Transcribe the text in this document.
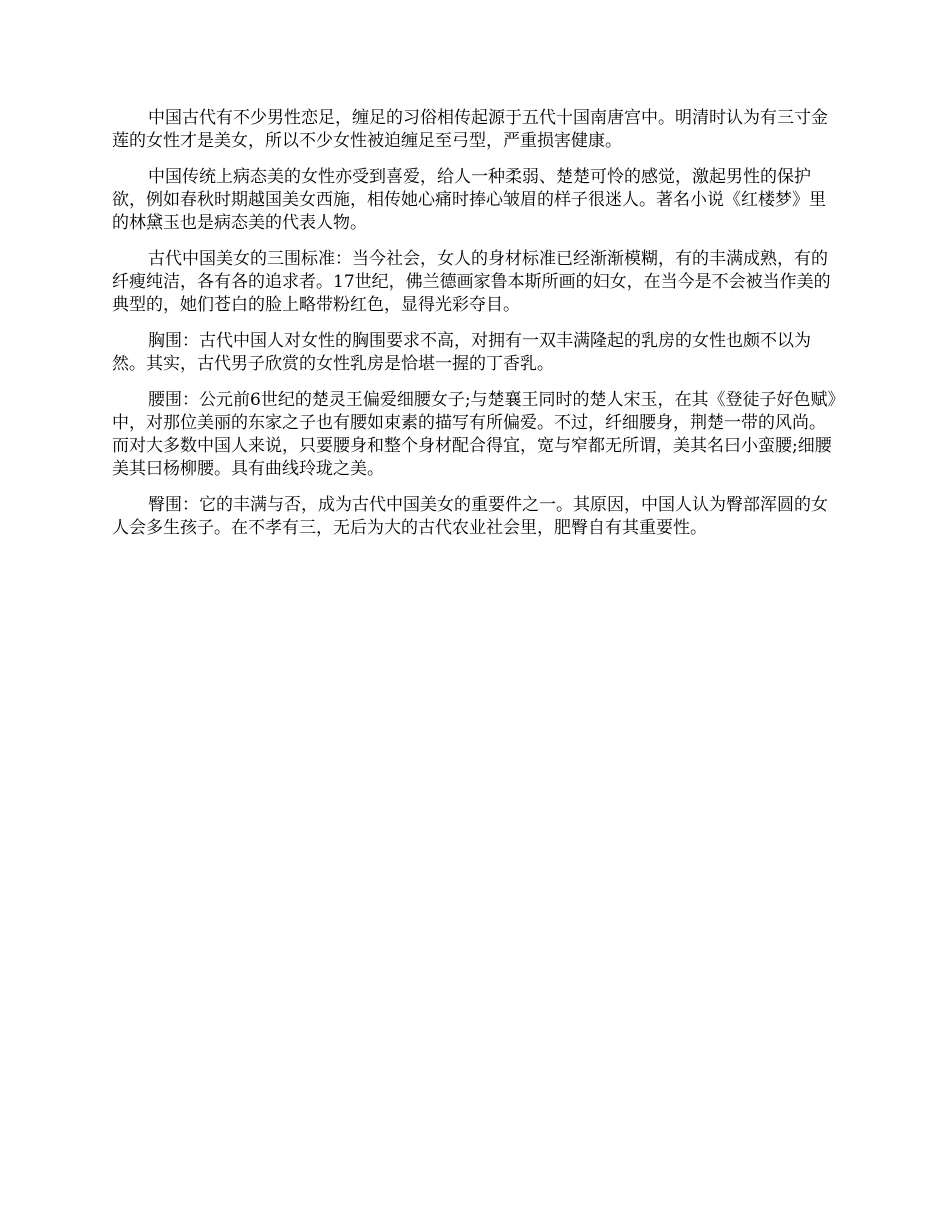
中国古代有不少男性恋足，缠足的习俗相传起源于五代十国南唐宫中。明清时认为有三寸金莲的女性才是美女，所以不少女性被迫缠足至弓型，严重损害健康。

中国传统上病态美的女性亦受到喜爱，给人一种柔弱、楚楚可怜的感觉，激起男性的保护欲，例如春秋时期越国美女西施，相传她心痛时捧心皱眉的样子很迷人。著名小说《红楼梦》里的林黛玉也是病态美的代表人物。

古代中国美女的三围标准：当今社会，女人的身材标准已经渐渐模糊，有的丰满成熟，有的纤瘦纯洁，各有各的追求者。17世纪，佛兰德画家鲁本斯所画的妇女，在当今是不会被当作美的典型的，她们苍白的脸上略带粉红色，显得光彩夺目。

胸围：古代中国人对女性的胸围要求不高，对拥有一双丰满隆起的乳房的女性也颇不以为然。其实，古代男子欣赏的女性乳房是恰堪一握的丁香乳。

腰围：公元前6世纪的楚灵王偏爱细腰女子;与楚襄王同时的楚人宋玉，在其《登徒子好色赋》中，对那位美丽的东家之子也有腰如束素的描写有所偏爱。不过，纤细腰身，荆楚一带的风尚。而对大多数中国人来说，只要腰身和整个身材配合得宜，宽与窄都无所谓，美其名曰小蛮腰;细腰美其曰杨柳腰。具有曲线玲珑之美。

臀围：它的丰满与否，成为古代中国美女的重要件之一。其原因，中国人认为臀部浑圆的女人会多生孩子。在不孝有三，无后为大的古代农业社会里，肥臀自有其重要性。
